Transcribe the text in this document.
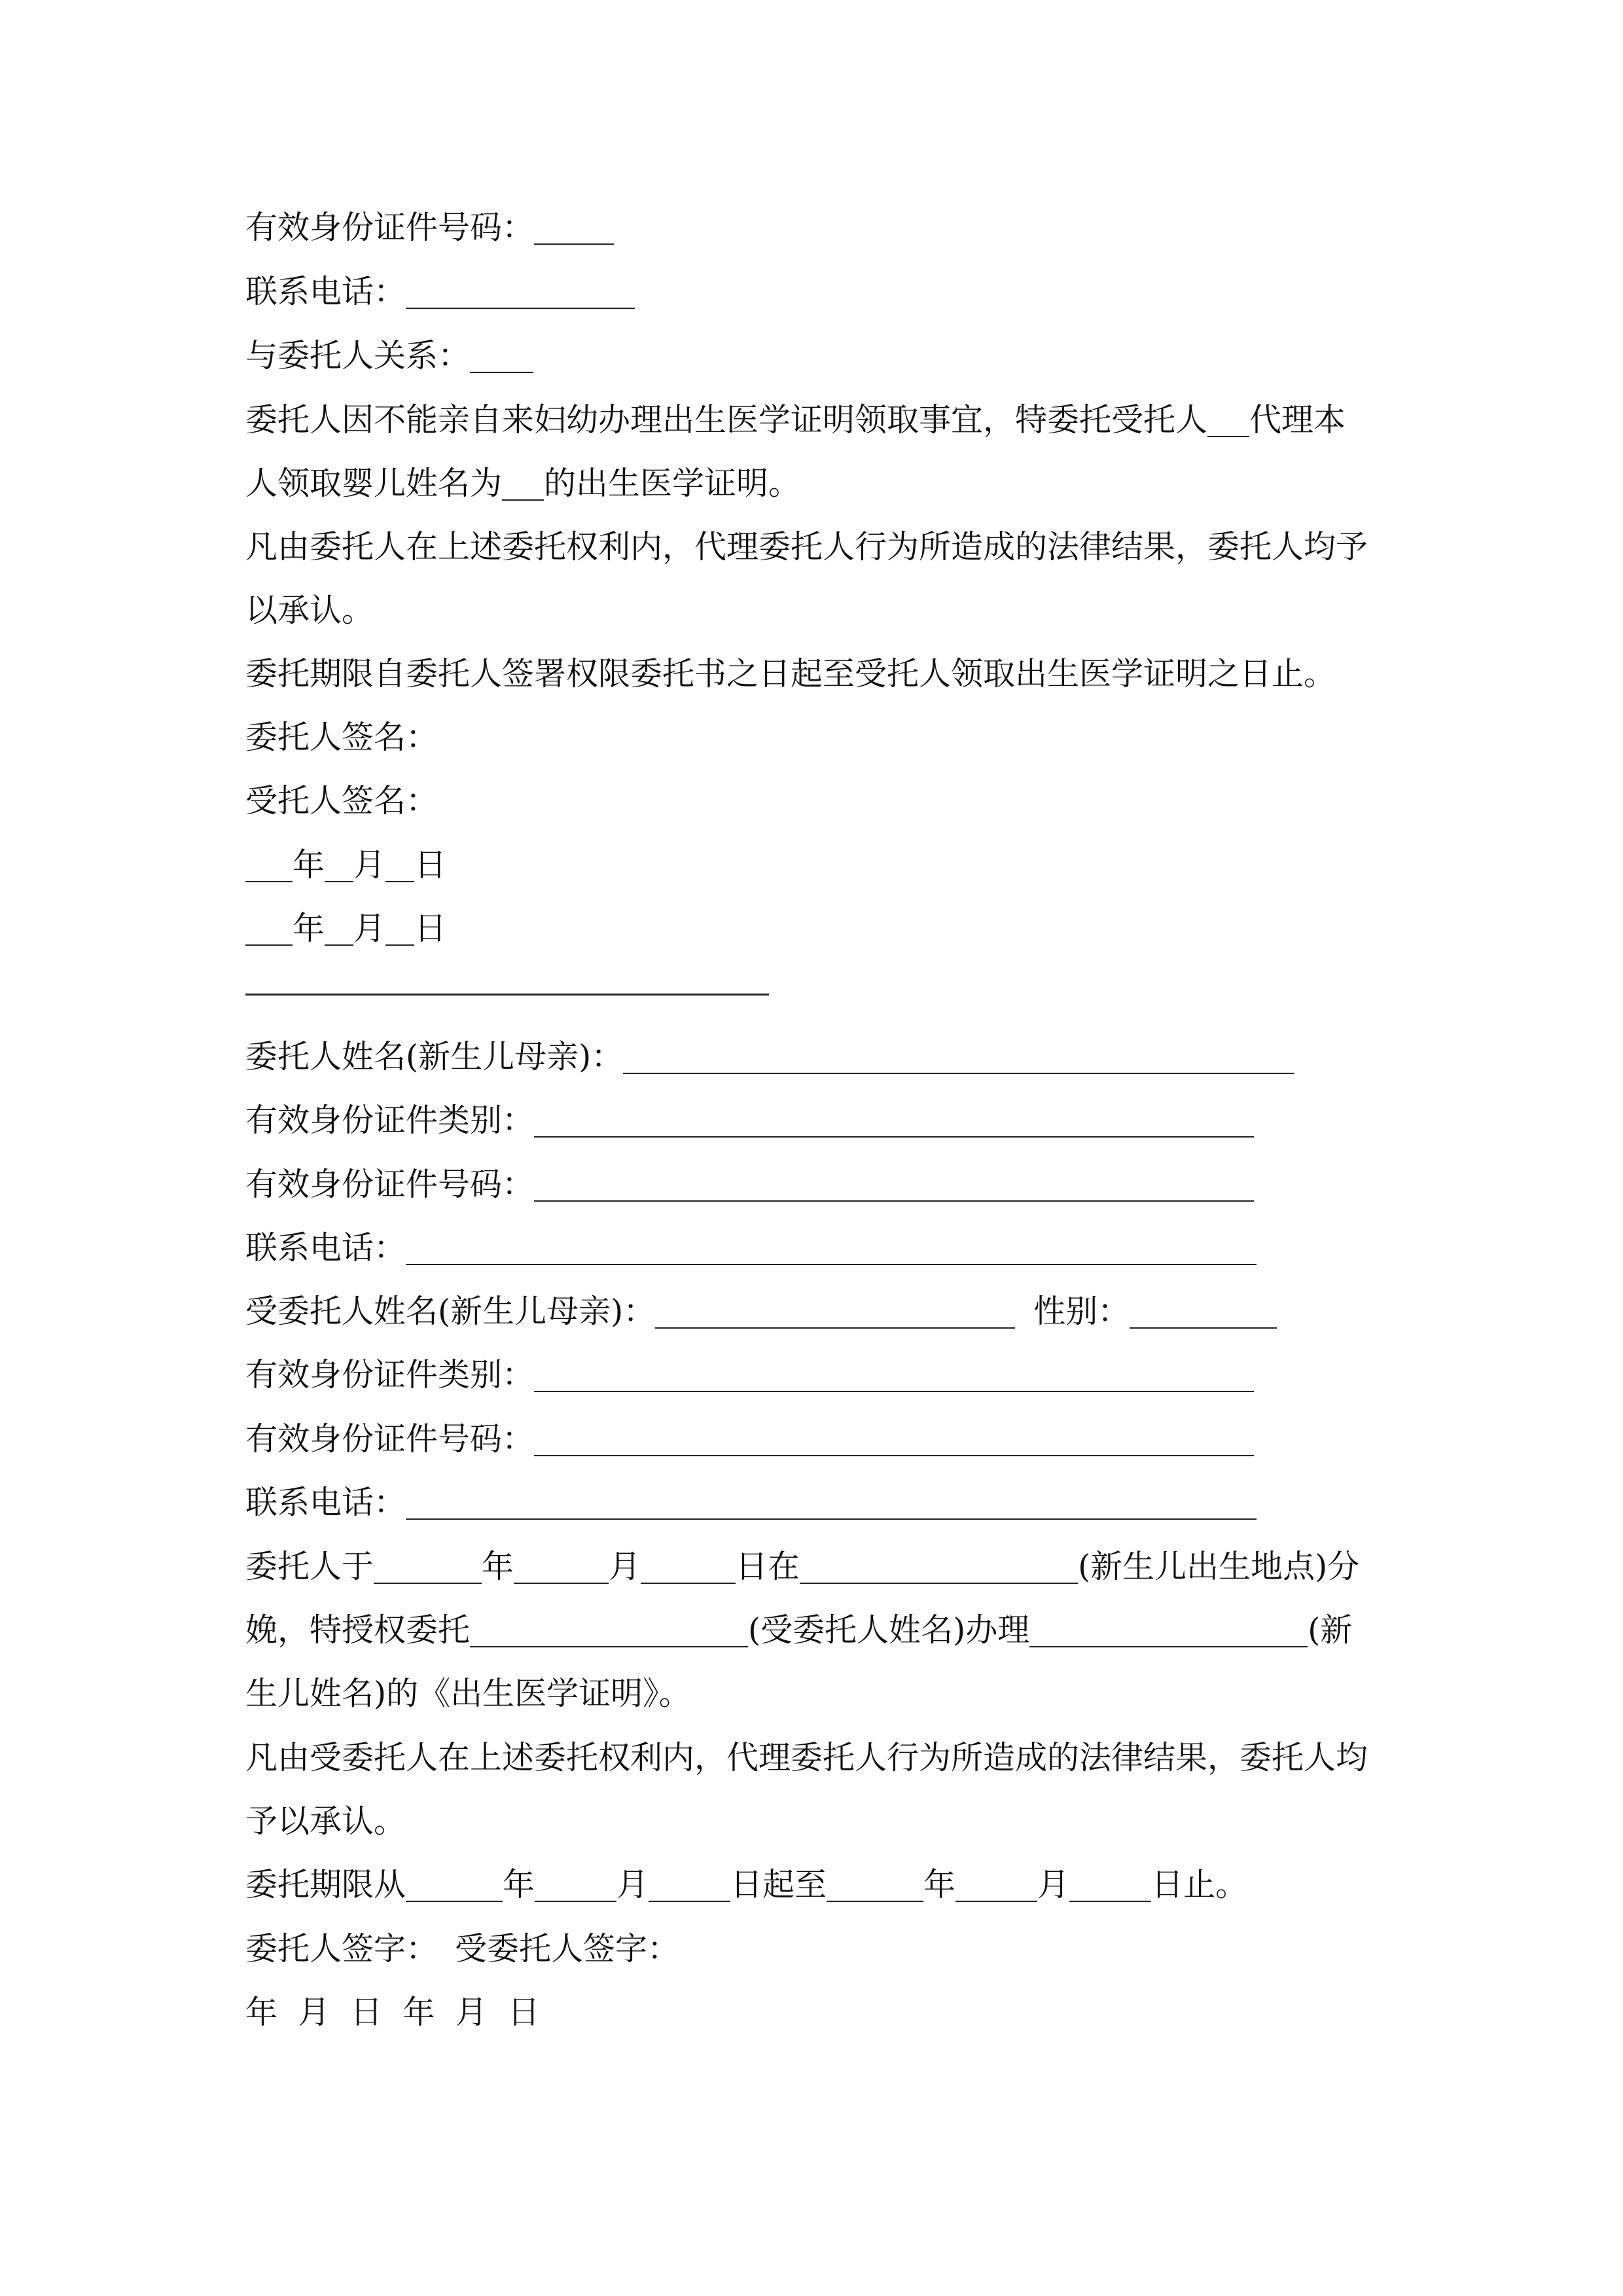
有效身份证件号码：
联系电话：
与委托人关系：
委托人因不能亲自来妇幼办理出生医学证明领取事宜，特委托受托人 代理本
人领取婴儿姓名为 的出生医学证明。
凡由委托人在上述委托权利内，代理委托人行为所造成的法律结果，委托人均予
以承认。
委托期限自委托人签署权限委托书之日起至受托人领取出生医学证明之日止。
委托人签名：
受托人签名：
年 月 日
年 月 日
委托人姓名(新生儿母亲)：
有效身份证件类别：
有效身份证件号码：
联系电话：
受委托人姓名(新生儿母亲)：	性别：
有效身份证件类别：
有效身份证件号码：
联系电话：
委托人于	年	月	日在	(新生儿出生地点)分
娩，特授权委托	(受委托人姓名)办理	(新
生儿姓名)的《出生医学证明》。
凡由受委托人在上述委托权利内，代理委托人行为所造成的法律结果，委托人均
予以承认。
委托期限从	年	月	日起至	年	月	日止。
委托人签字： 受委托人签字：
年  月  日  年  月  日
